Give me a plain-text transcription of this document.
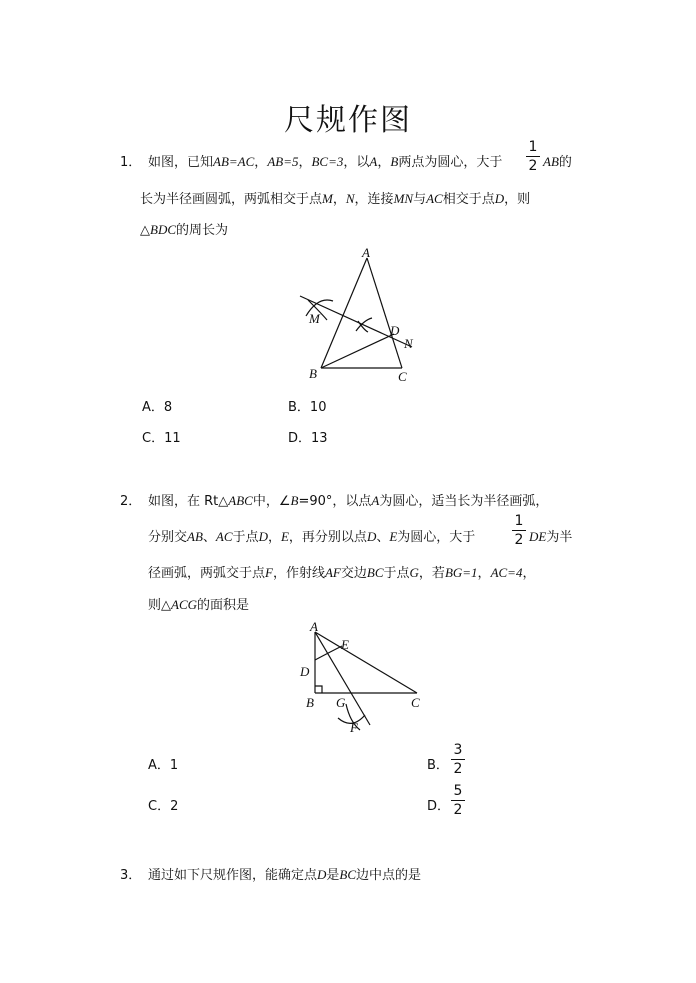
尺规作图
1． 如图，已知AB=AC，AB=5，BC=3，以A，B两点为圆心，大于 $\frac{1}{2}$ AB的
长为半径画圆弧，两弧相交于点M，N，连接MN与AC相交于点D，则
△BDC的周长为
A
M
D
N
B	C
A．8	B．10
C．11	D．13
2． 如图，在 Rt△ABC中，∠B=90°，以点A为圆心，适当长为半径画弧，
分别交AB、AC于点D，E，再分别以点D、E为圆心，大于	$\frac{1}{2}$ DE为半
径画弧，两弧交于点F，作射线AF交边BC于点G，若BG=1，AC=4，
则△ACG的面积是
A
E
D
B G	C
F
A．1	B． $\frac{3}{2}$
C．2	D． $\frac{5}{2}$
3． 通过如下尺规作图，能确定点D是BC边中点的是
